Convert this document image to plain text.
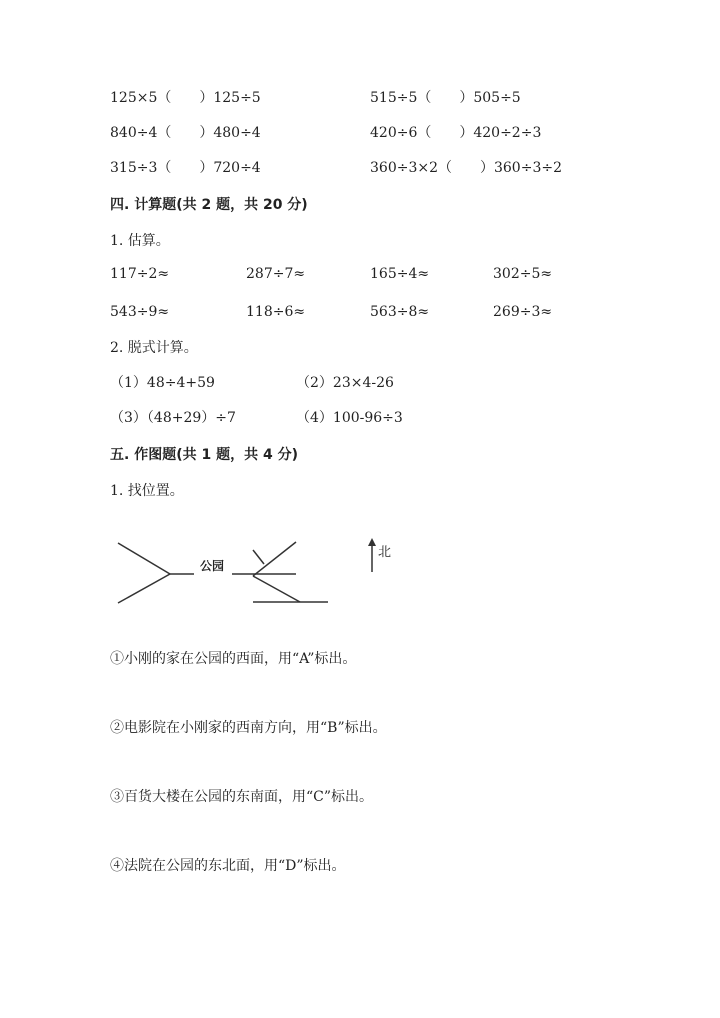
125×5（　　）125÷5	515÷5（　　）505÷5
840÷4（　　）480÷4	420÷6（　　）420÷2÷3
315÷3（　　）720÷4	360÷3×2（　　）360÷3÷2
四. 计算题(共 2 题，共 20 分)
1. 估算。
117÷2≈	287÷7≈	165÷4≈	302÷5≈
543÷9≈	118÷6≈	563÷8≈	269÷3≈
2. 脱式计算。
（1）48÷4+59	（2）23×4-26
（3）（48+29）÷7	（4）100-96÷3
五. 作图题(共 1 题，共 4 分)
1. 找位置。
公园
北
①小刚的家在公园的西面，用“A”标出。
②电影院在小刚家的西南方向，用“B”标出。
③百货大楼在公园的东南面，用“C”标出。
④法院在公园的东北面，用“D”标出。
